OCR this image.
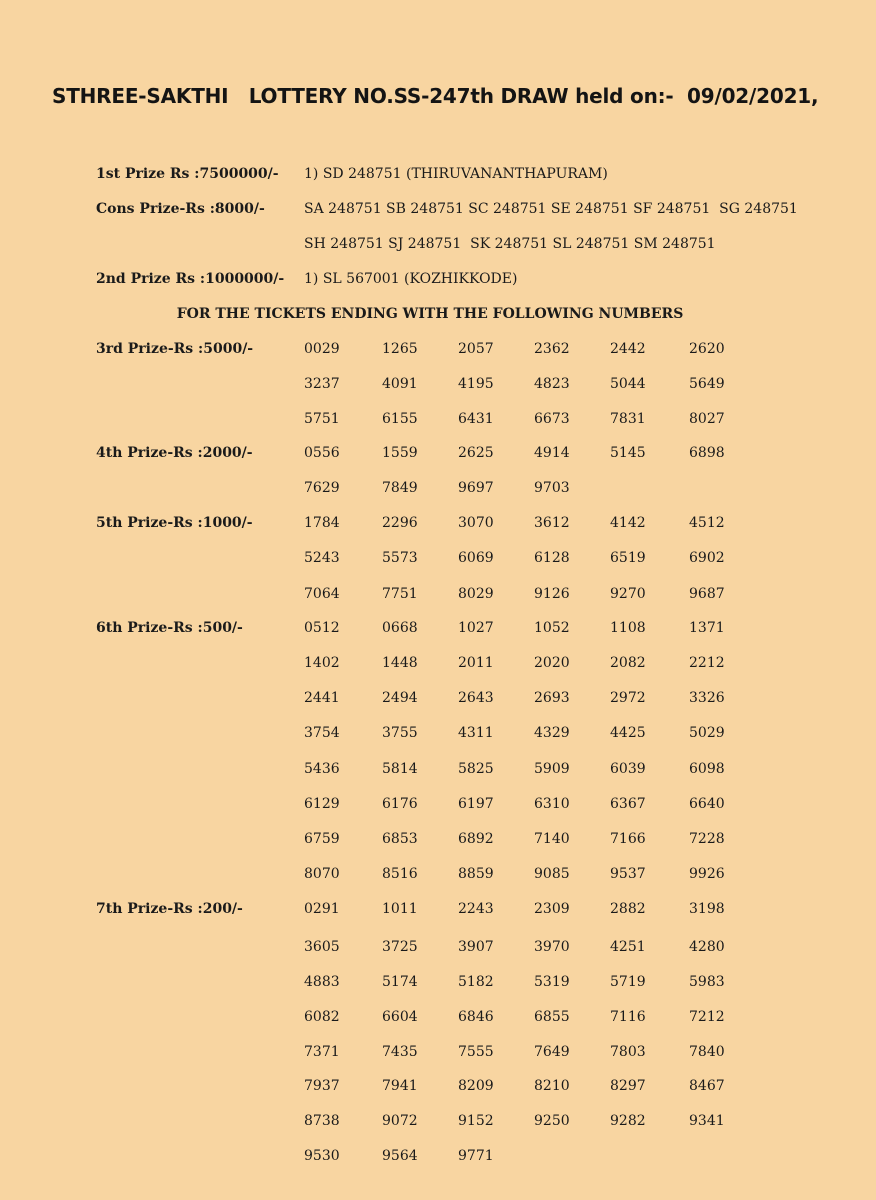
STHREE-SAKTHI   LOTTERY NO.SS-247th DRAW held on:-  09/02/2021,
1st Prize Rs :7500000/- 1) SD 248751 (THIRUVANANTHAPURAM)
Cons Prize-Rs :8000/-	SA 248751 SB 248751 SC 248751 SE 248751 SF 248751  SG 248751
SH 248751 SJ 248751  SK 248751 SL 248751 SM 248751
2nd Prize Rs :1000000/- 1) SL 567001 (KOZHIKKODE)
FOR THE TICKETS ENDING WITH THE FOLLOWING NUMBERS
3rd Prize-Rs :5000/-	0029	1265	2057	2362	2442	2620
3237	4091	4195	4823	5044	5649
5751	6155	6431	6673	7831	8027
4th Prize-Rs :2000/-	0556	1559	2625	4914	5145	6898
7629	7849	9697	9703
5th Prize-Rs :1000/-	1784	2296	3070	3612	4142	4512
5243	5573	6069	6128	6519	6902
7064	7751	8029	9126	9270	9687
6th Prize-Rs :500/-	0512	0668	1027	1052	1108	1371
1402	1448	2011	2020	2082	2212
2441	2494	2643	2693	2972	3326
3754	3755	4311	4329	4425	5029
5436	5814	5825	5909	6039	6098
6129	6176	6197	6310	6367	6640
6759	6853	6892	7140	7166	7228
8070	8516	8859	9085	9537	9926
7th Prize-Rs :200/-	0291	1011	2243	2309	2882	3198
3605	3725	3907	3970	4251	4280
4883	5174	5182	5319	5719	5983
6082	6604	6846	6855	7116	7212
7371	7435	7555	7649	7803	7840
7937	7941	8209	8210	8297	8467
8738	9072	9152	9250	9282	9341
9530	9564	9771
